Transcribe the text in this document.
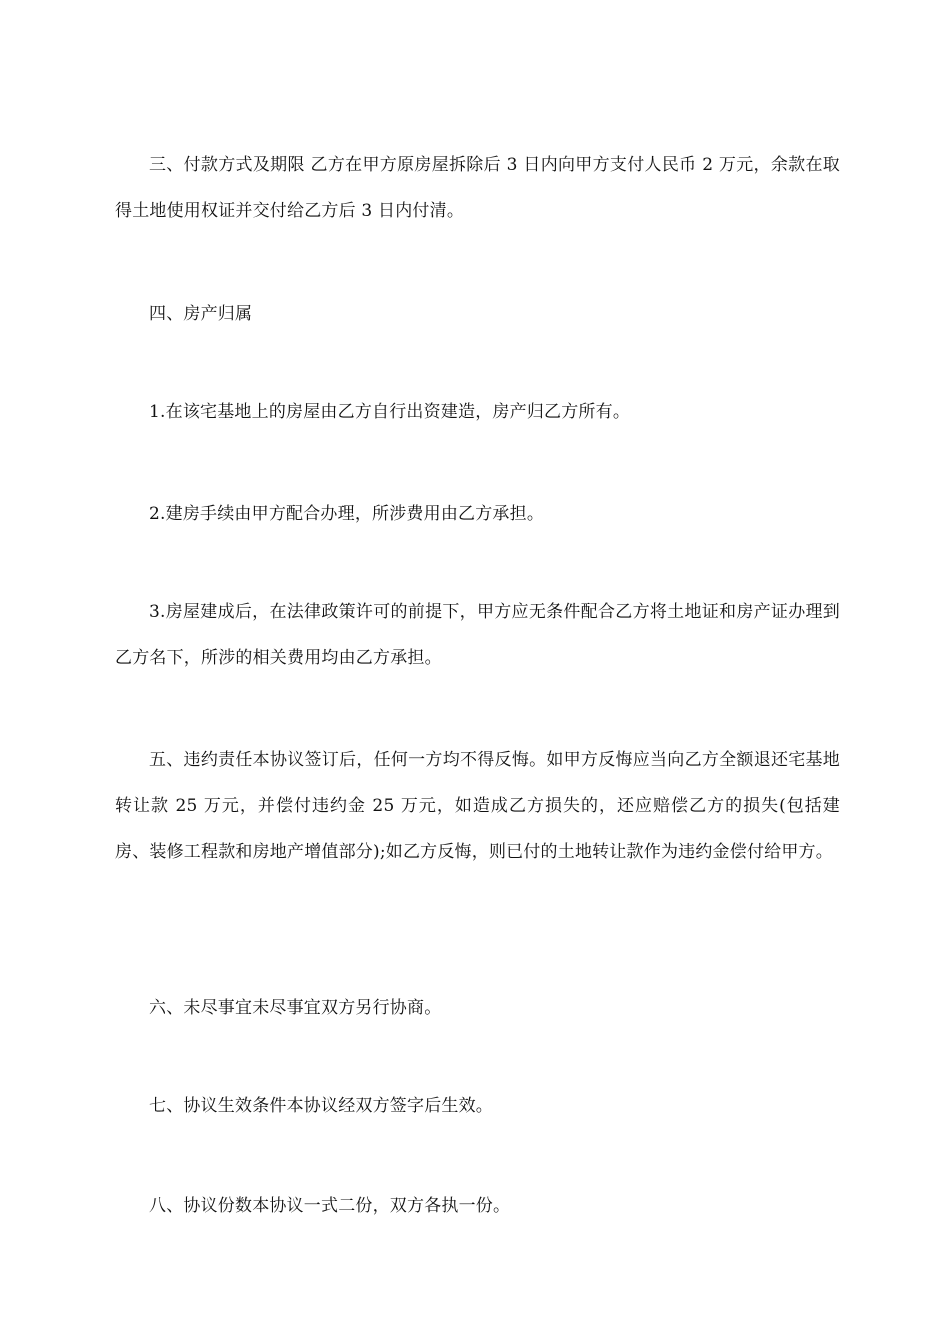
三、付款方式及期限 乙方在甲方原房屋拆除后 3 日内向甲方支付人民币 2 万元，余款在取得土地使用权证并交付给乙方后 3 日内付清。

四、房产归属

1.在该宅基地上的房屋由乙方自行出资建造，房产归乙方所有。

2.建房手续由甲方配合办理，所涉费用由乙方承担。

3.房屋建成后，在法律政策许可的前提下，甲方应无条件配合乙方将土地证和房产证办理到乙方名下，所涉的相关费用均由乙方承担。

五、违约责任本协议签订后，任何一方均不得反悔。如甲方反悔应当向乙方全额退还宅基地转让款 25 万元，并偿付违约金 25 万元，如造成乙方损失的，还应赔偿乙方的损失(包括建房、装修工程款和房地产增值部分);如乙方反悔，则已付的土地转让款作为违约金偿付给甲方。

六、未尽事宜未尽事宜双方另行协商。

七、协议生效条件本协议经双方签字后生效。

八、协议份数本协议一式二份，双方各执一份。
